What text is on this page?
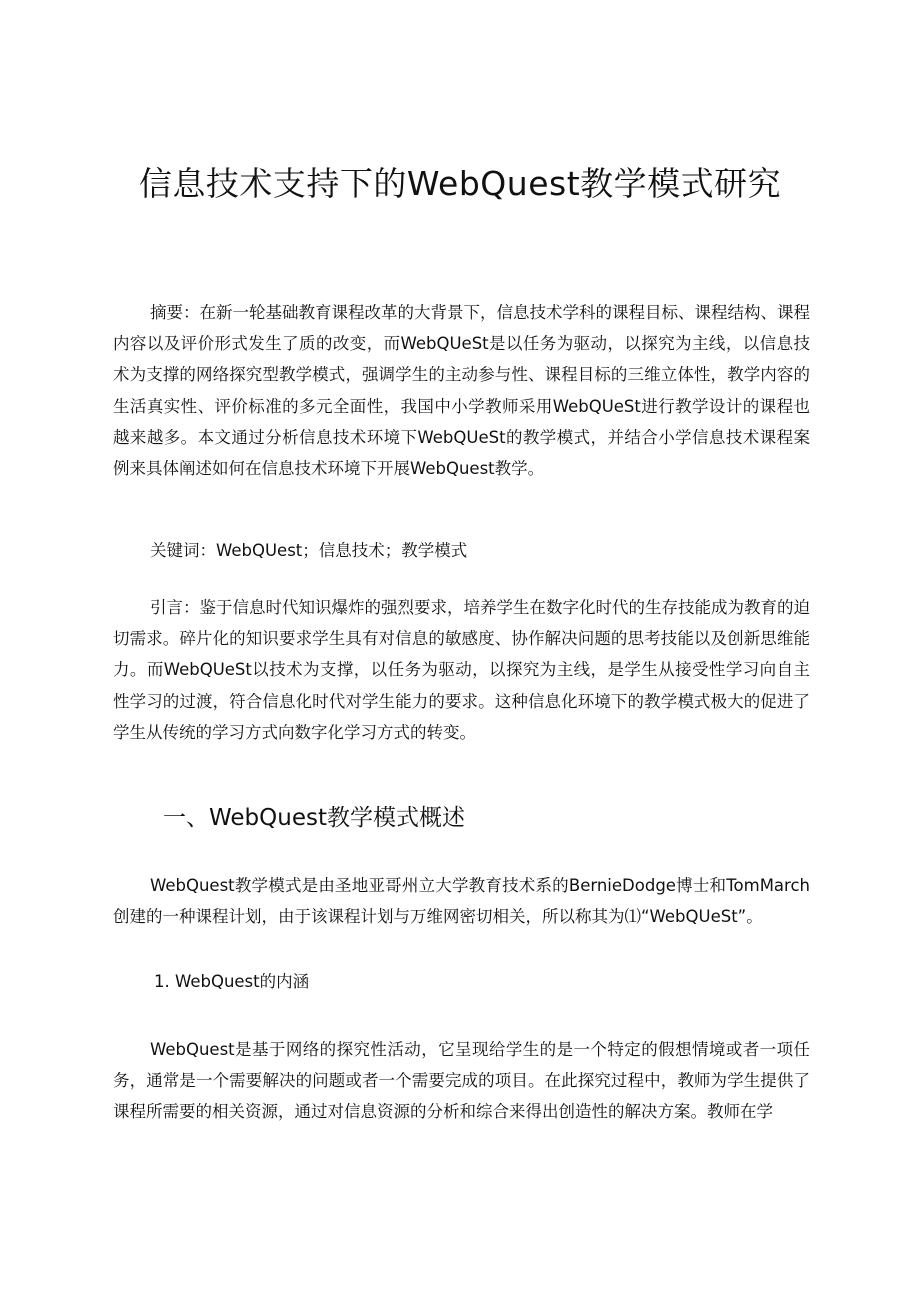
信息技术支持下的WebQuest教学模式研究

摘要：在新一轮基础教育课程改革的大背景下，信息技术学科的课程目标、课程结构、课程内容以及评价形式发生了质的改变，而WebQUeSt是以任务为驱动，以探究为主线，以信息技术为支撑的网络探究型教学模式，强调学生的主动参与性、课程目标的三维立体性，教学内容的生活真实性、评价标准的多元全面性，我国中小学教师采用WebQUeSt进行教学设计的课程也越来越多。本文通过分析信息技术环境下WebQUeSt的教学模式，并结合小学信息技术课程案例来具体阐述如何在信息技术环境下开展WebQuest教学。

关键词：WebQUest；信息技术；教学模式

引言：鉴于信息时代知识爆炸的强烈要求，培养学生在数字化时代的生存技能成为教育的迫切需求。碎片化的知识要求学生具有对信息的敏感度、协作解决问题的思考技能以及创新思维能力。而WebQUeSt以技术为支撑，以任务为驱动，以探究为主线，是学生从接受性学习向自主性学习的过渡，符合信息化时代对学生能力的要求。这种信息化环境下的教学模式极大的促进了学生从传统的学习方式向数字化学习方式的转变。

一、WebQuest教学模式概述

WebQuest教学模式是由圣地亚哥州立大学教育技术系的BernieDodge博士和TomMarch创建的一种课程计划，由于该课程计划与万维网密切相关，所以称其为⑴“WebQUeSt”。

1. WebQuest的内涵

WebQuest是基于网络的探究性活动，它呈现给学生的是一个特定的假想情境或者一项任务，通常是一个需要解决的问题或者一个需要完成的项目。在此探究过程中，教师为学生提供了课程所需要的相关资源，通过对信息资源的分析和综合来得出创造性的解决方案。教师在学
